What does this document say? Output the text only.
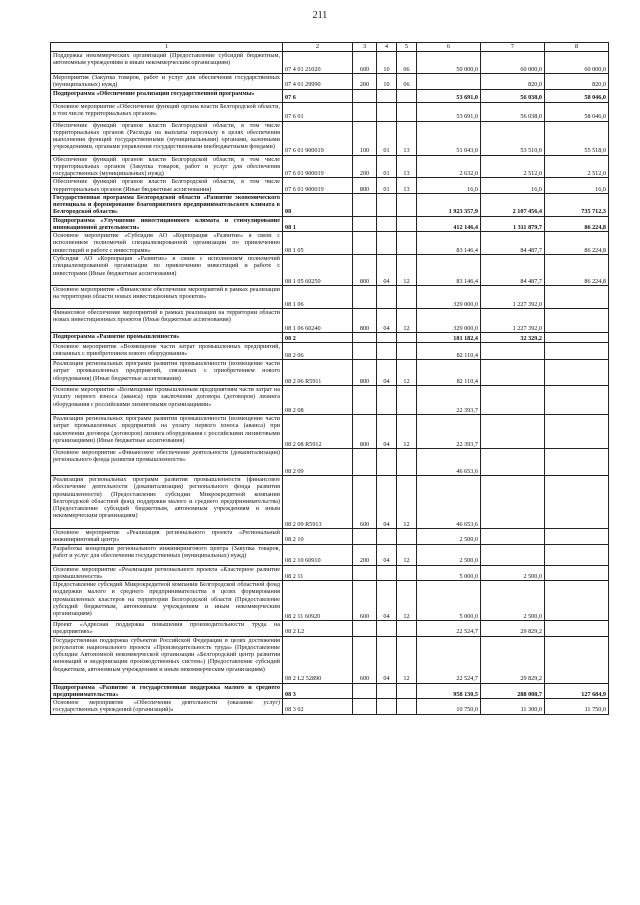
211
1	2	3	4	5	6	7	8
Поддержка некоммерческих организаций (Предоставление субсидий бюджетным, автономным учреждениям и иным некоммерческим организациям)	07 4 01 21020	600	10	06	50 000,0	60 000,0	60 000,0
Мероприятия (Закупка товаров, работ и услуг для обеспечения государственных (муниципальных) нужд)	07 4 01 29990	200	10	06		820,0	820,0
Подпрограмма «Обеспечение реализации государственной программы»	07 6				53 691,0	56 038,0	58 046,0
Основное мероприятие «Обеспечение функций органа власти Белгородской области, в том числе территориальных органов»	07 6 01				53 691,0	56 038,0	58 046,0
Обеспечение функций органов власти Белгородской области, в том числе территориальных органов (Расходы на выплаты персоналу в целях обеспечения выполнения функций государственными (муниципальными) органами, казенными учреждениями, органами управления государственными внебюджетными фондами)	07 6 01 900019	100	01	13	51 043,0	53 510,0	55 518,0
Обеспечение функций органов власти Белгородской области, в том числе территориальных органов (Закупка товаров, работ и услуг для обеспечения государственных (муниципальных) нужд)	07 6 01 900019	200	01	13	2 632,0	2 512,0	2 512,0
Обеспечение функций органов власти Белгородской области, в том числе территориальных органов (Иные бюджетные ассигнования)	07 6 01 900019	800	01	13	16,0	16,0	16,0
Государственная программа Белгородской области «Развитие экономического потенциала и формирование благоприятного предпринимательского климата в Белгородской области»	08				1 923 357,9	2 107 456,4	735 712,3
Подпрограмма «Улучшение инвестиционного климата и стимулирование инновационной деятельности»	08 1				412 146,4	1 311 879,7	86 224,8
Основное мероприятие «Субсидия АО «Корпорация «Развитие» в связи с исполнением полномочий специализированной организации по привлечению инвестиций и работе с инвесторами»	08 1 05				83 146,4	84 487,7	86 224,8
Субсидия АО «Корпорация «Развитие» в связи с исполнением полномочий специализированной организации по привлечению инвестиций и работе с инвесторами (Иные бюджетные ассигнования)	08 1 05 60250	800	04	12	83 146,4	84 487,7	86 224,8
Основное мероприятие «Финансовое обеспечение мероприятий в рамках реализации на территории области новых инвестиционных проектов»	08 1 06				329 000,0	1 227 392,0	
Финансовое обеспечение мероприятий в рамках реализации на территории области новых инвестиционных проектов (Иные бюджетные ассигнования)	08 1 06 60240	800	04	12	329 000,0	1 227 392,0	
Подпрограмма «Развитие промышленности»	08 2				181 182,4	32 329,2	
Основное мероприятие «Возмещение части затрат промышленных предприятий, связанных с приобретением нового оборудования»	08 2 06				82 110,4		
Реализация региональных программ развития промышленности (возмещение части затрат промышленных предприятий, связанных с приобретением нового оборудования) (Иные бюджетные ассигнования)	08 2 06 R5911	800	04	12	82 110,4		
Основное мероприятие «Возмещение промышленным предприятиям части затрат на уплату первого взноса (аванса) при заключении договора (договоров) лизинга оборудования с российскими лизинговыми организациями»	08 2 08				22 393,7		
Реализация региональных программ развития промышленности (возмещение части затрат промышленных предприятий на уплату первого взноса (аванса) при заключении договора (договоров) лизинга оборудования с российскими лизинговыми организациями) (Иные бюджетные ассигнования)	08 2 08 R5912	800	04	12	22 393,7		
Основное мероприятие «Финансовое обеспечение деятельности (докапитализация) регионального фонда развития промышленности»	08 2 09				46 653,6		
Реализация региональных программ развития промышленности (финансовое обеспечение деятельности (докапитализация) регионального фонда развития промышленности) (Предоставление субсидии Микрокредитной компании Белгородской областной фонд поддержки малого и среднего предпринимательства) (Предоставление субсидий бюджетным, автономным учреждениям и иным некоммерческим организациям)	08 2 09 R5913	600	04	12	46 653,6		
Основное мероприятие «Реализация регионального проекта «Региональный инжиниринговый центр»	08 2 10				2 500,0		
Разработка концепции регионального инжинирингового центра (Закупка товаров, работ и услуг для обеспечения государственных (муниципальных) нужд)	08 2 10 60910	200	04	12	2 500,0		
Основное мероприятие «Реализация регионального проекта «Кластерное развитие промышленности»	08 2 11				5 000,0	2 500,0	
Предоставление субсидий Микрокредитной компании Белгородской областной фонд поддержки малого и среднего предпринимательства в целях формирования промышленных кластеров на территории Белгородской области (Предоставление субсидий бюджетным, автономным учреждениям и иным некоммерческим организациям)	08 2 11 60920	600	04	12	5 000,0	2 500,0	
Проект «Адресная поддержка повышения производительности труда на предприятиях»	08 2 L2				22 524,7	29 829,2	
Государственная поддержка субъектов Российской Федерации в целях достижения результатов национального проекта «Производительность труда» (Предоставление субсидии Автономной некоммерческой организации «Белгородский центр развития инноваций и модернизации производственных систем») (Предоставление субсидий бюджетным, автономным учреждениям и иным некоммерческим организациям)	08 2 L2 52890	600	04	12	22 524,7	29 829,2	
Подпрограмма «Развитие и государственная поддержка малого и среднего предпринимательства»	08 3				958 130,5	288 008,7	127 684,9
Основное мероприятие «Обеспечение деятельности (оказание услуг) государственных учреждений (организаций)»	08 3 02				10 750,0	11 300,0	11 750,0
